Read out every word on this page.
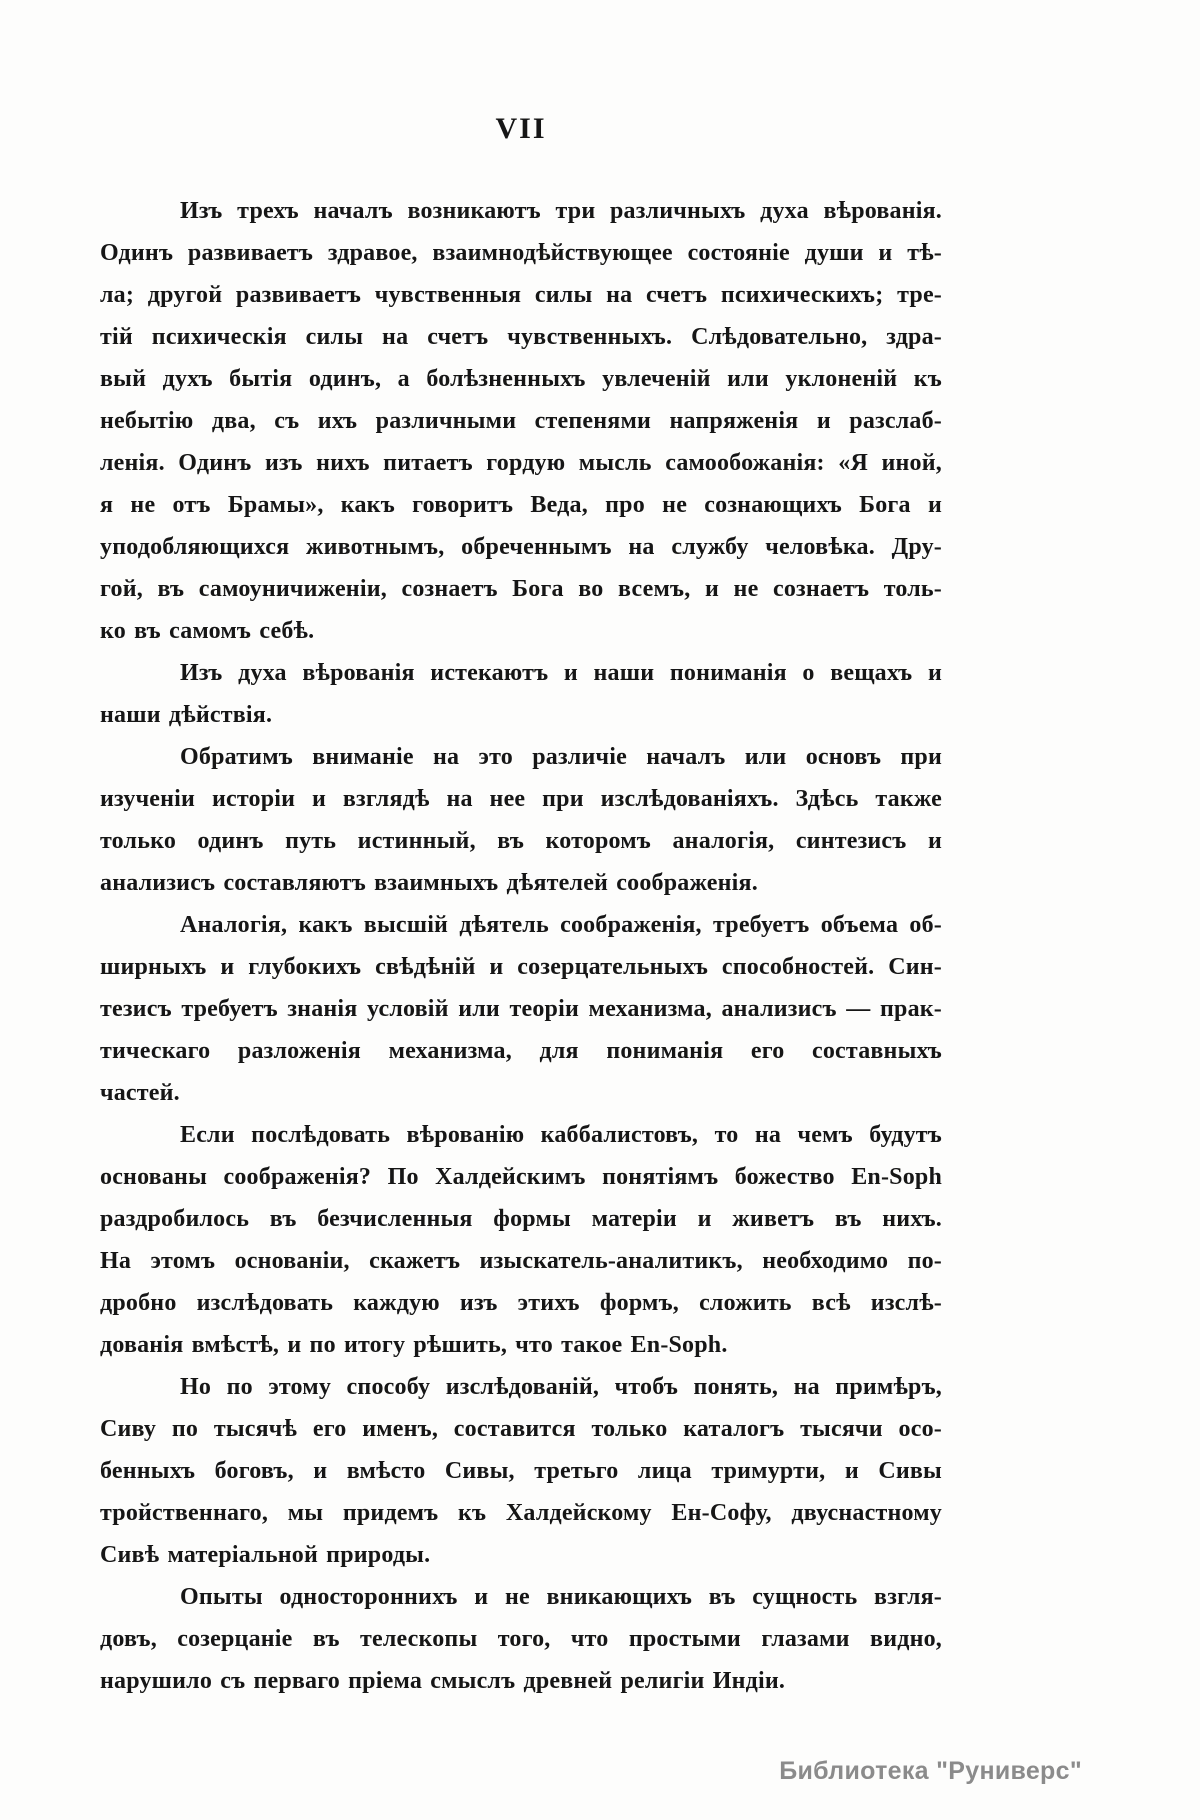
VII
Изъ трехъ началъ возникаютъ три различныхъ духа вѣрованія.
Одинъ развиваетъ здравое, взаимнодѣйствующее состояніе души и тѣ-
ла; другой развиваетъ чувственныя силы на счетъ психическихъ; тре-
тій психическія силы на счетъ чувственныхъ. Слѣдовательно, здра-
вый духъ бытія одинъ, а болѣзненныхъ увлеченій или уклоненій къ
небытію два, съ ихъ различными степенями напряженія и разслаб-
ленія. Одинъ изъ нихъ питаетъ гордую мысль самообожанія: «Я иной,
я не отъ Брамы», какъ говоритъ Веда, про не сознающихъ Бога и
уподобляющихся животнымъ, обреченнымъ на службу человѣка. Дру-
гой, въ самоуничиженіи, сознаетъ Бога во всемъ, и не сознаетъ толь-
ко въ самомъ себѣ.
Изъ духа вѣрованія истекаютъ и наши пониманія о вещахъ и
наши дѣйствія.
Обратимъ вниманіе на это различіе началъ или основъ при
изученіи исторіи и взглядѣ на нее при изслѣдованіяхъ. Здѣсь также
только одинъ путь истинный, въ которомъ аналогія, синтезисъ и
анализисъ составляютъ взаимныхъ дѣятелей соображенія.
Аналогія, какъ высшій дѣятель соображенія, требуетъ объема об-
ширныхъ и глубокихъ свѣдѣній и созерцательныхъ способностей. Син-
тезисъ требуетъ знанія условій или теоріи механизма, анализисъ — прак-
тическаго разложенія механизма, для пониманія его составныхъ
частей.
Если послѣдовать вѣрованію каббалистовъ, то на чемъ будутъ
основаны соображенія? По Халдейскимъ понятіямъ божество En-Soph
раздробилось въ безчисленныя формы матеріи и живетъ въ нихъ.
На этомъ основаніи, скажетъ изыскатель-аналитикъ, необходимо по-
дробно изслѣдовать каждую изъ этихъ формъ, сложить всѣ изслѣ-
дованія вмѣстѣ, и по итогу рѣшить, что такое En-Soph.
Но по этому способу изслѣдованій, чтобъ понять, на примѣръ,
Сиву по тысячѣ его именъ, составится только каталогъ тысячи осо-
бенныхъ боговъ, и вмѣсто Сивы, третьго лица тримурти, и Сивы
тройственнаго, мы придемъ къ Халдейскому Ен-Софу, двуснастному
Сивѣ матеріальной природы.
Опыты одностороннихъ и не вникающихъ въ сущность взгля-
довъ, созерцаніе въ телескопы того, что простыми глазами видно,
нарушило съ перваго пріема смыслъ древней религіи Индіи.
Библиотека "Руниверс"
